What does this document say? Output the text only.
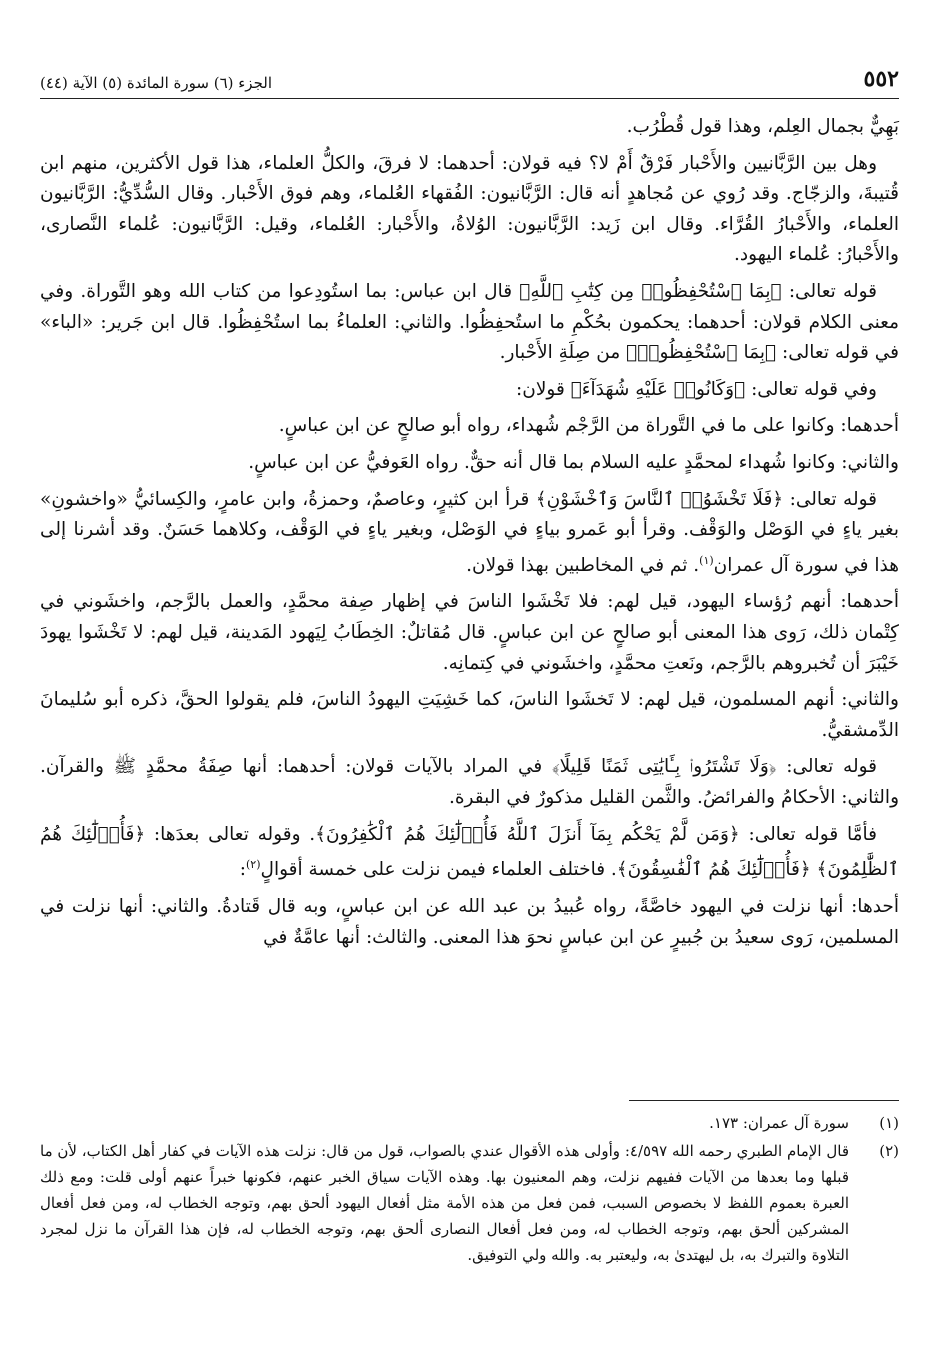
٥٥٢
الجزء (٦) سورة المائدة (٥) الآية (٤٤)

بَهِيٌّ بجمال العِلم، وهذا قول قُطْرُب.

وهل بين الرَّبَّانيين والأَحْبار فَرْقٌ أَمْ لا؟ فيه قولان: أحدهما: لا فرقَ، والكلُّ العلماء، هذا قول الأكثرين، منهم ابن قُتيبةَ، والزجّاج. وقد رُوي عن مُجاهدٍ أنه قال: الرَّبَّانيون: الفُقهاء العُلماء، وهم فوق الأَحْبار. وقال السُّدِّيُّ: الرَّبَّانيون العلماء، والأَحْبارُ القُرَّاء. وقال ابن زَيد: الرَّبَّانيون: الوُلاةُ، والأَحْبار: العُلماء، وقيل: الرَّبَّانيون: عُلماء النَّصارى، والأَحْبارُ: عُلماء اليهود.

قوله تعالى: ﴿بِمَا ٱسْتُحْفِظُوا۟ مِن كِتَٰبِ ٱللَّهِ﴾ قال ابن عباس: بما استُودِعوا من كتاب الله وهو التَّوراة. وفي معنى الكلام قولان: أحدهما: يحكمون بحُكْمِ ما استُحفِظُوا. والثاني: العلماءُ بما استُحْفِظُوا. قال ابن جَرير: «الباء» في قوله تعالى: ﴿بِمَا ٱسْتُحْفِظُوا۟﴾ من صِلَةِ الأَحْبار.

وفي قوله تعالى: ﴿وَكَانُوا۟ عَلَيْهِ شُهَدَآءَ﴾ قولان:

أحدهما: وكانوا على ما في التَّوراة من الرَّجْم شُهداء، رواه أبو صالحٍ عن ابن عباسٍ.

والثاني: وكانوا شُهداء لمحمَّدٍ عليه السلام بما قال أنه حقٌّ. رواه العَوفيُّ عن ابن عباسٍ.

قوله تعالى: ﴿فَلَا تَخْشَوُا۟ ٱلنَّاسَ وَٱخْشَوْنِ﴾ قرأ ابن كثيرٍ، وعاصمٌ، وحمزةُ، وابن عامرٍ، والكِسائيُّ «واخشونِ» بغير ياءٍ في الوَصْل والوَقْف. وقرأ أبو عَمرو بياءٍ في الوَصْل، وبغير ياءٍ في الوَقْف، وكلاهما حَسَنٌ. وقد أشرنا إلى هذا في سورة آل عمران$^{(١)}$. ثم في المخاطبين بهذا قولان.

أحدهما: أنهم رُؤساء اليهود، قيل لهم: فلا تَخْشَوا الناسَ في إظهار صِفة محمَّدٍ، والعمل بالرَّجم، واخشَوني في كِتْمان ذلك، رَوى هذا المعنى أبو صالحٍ عن ابن عباسٍ. قال مُقاتلٌ: الخِطَابُ لِيَهود المَدينة، قيل لهم: لا تَخْشَوا يهودَ خَيْبَرَ أن تُخبروهم بالرَّجم، ونَعتِ محمَّدٍ، واخشَوني في كِتمانِه.

والثاني: أنهم المسلمون، قيل لهم: لا تَخشَوا الناسَ، كما خَشِيَتِ اليهودُ الناسَ، فلم يقولوا الحقَّ، ذكره أبو سُليمانَ الدِّمشقيُّ.

قوله تعالى: ﴿وَلَا تَشْتَرُوا۟ بِـَٔايَٰتِى ثَمَنًا قَلِيلًا﴾ في المراد بالآيات قولان: أحدهما: أنها صِفَةُ محمَّدٍ ﷺ والقرآن. والثاني: الأحكامُ والفرائضُ. والثَّمن القليل مذكورٌ في البقرة.

فأمَّا قوله تعالى: ﴿وَمَن لَّمْ يَحْكُم بِمَآ أَنزَلَ ٱللَّهُ فَأُو۟لَٰٓئِكَ هُمُ ٱلْكَٰفِرُونَ﴾. وقوله تعالى بعدَها: ﴿فَأُو۟لَٰٓئِكَ هُمُ ٱلظَّٰلِمُونَ﴾ ﴿فَأُو۟لَٰٓئِكَ هُمُ ٱلْفَٰسِقُونَ﴾. فاختلف العلماء فيمن نزلت على خمسة أقوالٍ$^{(٢)}$:

أحدها: أنها نزلت في اليهود خاصَّةً، رواه عُبيدُ بن عبد الله عن ابن عباسٍ، وبه قال قَتادةُ. والثاني: أنها نزلت في المسلمين، رَوى سعيدُ بن جُبيرٍ عن ابن عباسٍ نحوَ هذا المعنى. والثالث: أنها عامَّةٌ في

(١)
سورة آل عمران: ١٧٣.
(٢)
قال الإمام الطبري رحمه الله ٤/٥٩٧: وأولى هذه الأقوال عندي بالصواب، قول من قال: نزلت هذه الآيات في كفار أهل الكتاب، لأن ما قبلها وما بعدها من الآيات ففيهم نزلت، وهم المعنيون بها. وهذه الآيات سياق الخبر عنهم، فكونها خبراً عنهم أولى قلت: ومع ذلك العبرة بعموم اللفظ لا بخصوص السبب، فمن فعل من هذه الأمة مثل أفعال اليهود ألحق بهم، وتوجه الخطاب له، ومن فعل أفعال المشركين ألحق بهم، وتوجه الخطاب له، ومن فعل أفعال النصارى ألحق بهم، وتوجه الخطاب له، فإن هذا القرآن ما نزل لمجرد التلاوة والتبرك به، بل ليهتدىٰ به، وليعتبر به. والله ولي التوفيق.
